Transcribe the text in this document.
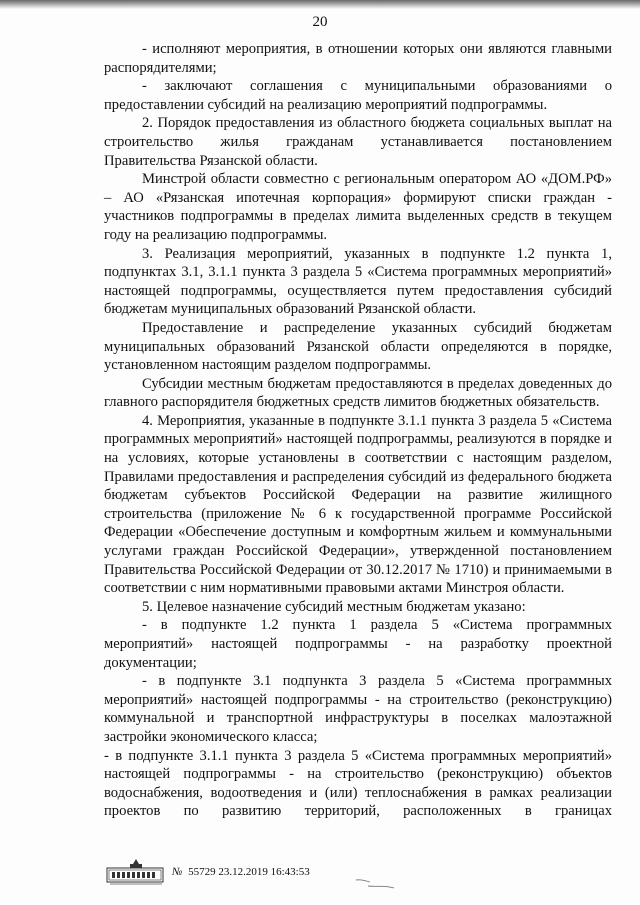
20

- исполняют мероприятия, в отношении которых они являются главными распорядителями;

- заключают соглашения с муниципальными образованиями о предоставлении субсидий на реализацию мероприятий подпрограммы.

2. Порядок предоставления из областного бюджета социальных выплат на строительство жилья гражданам устанавливается постановлением Правительства Рязанской области.

Минстрой области совместно с региональным оператором АО «ДОМ.РФ» – АО «Рязанская ипотечная корпорация» формируют списки граждан - участников подпрограммы в пределах лимита выделенных средств в текущем году на реализацию подпрограммы.

3. Реализация мероприятий, указанных в подпункте 1.2 пункта 1, подпунктах 3.1, 3.1.1 пункта 3 раздела 5 «Система программных мероприятий» настоящей подпрограммы, осуществляется путем предоставления субсидий бюджетам муниципальных образований Рязанской области.

Предоставление и распределение указанных субсидий бюджетам муниципальных образований Рязанской области определяются в порядке, установленном настоящим разделом подпрограммы.

Субсидии местным бюджетам предоставляются в пределах доведенных до главного распорядителя бюджетных средств лимитов бюджетных обязательств.

4. Мероприятия, указанные в подпункте 3.1.1 пункта 3 раздела 5 «Система программных мероприятий» настоящей подпрограммы, реализуются в порядке и на условиях, которые установлены в соответствии с настоящим разделом, Правилами предоставления и распределения субсидий из федерального бюджета бюджетам субъектов Российской Федерации на развитие жилищного строительства (приложение № 6 к государственной программе Российской Федерации «Обеспечение доступным и комфортным жильем и коммунальными услугами граждан Российской Федерации», утвержденной постановлением Правительства Российской Федерации от 30.12.2017 № 1710) и принимаемыми в соответствии с ним нормативными правовыми актами Минстроя области.

5. Целевое назначение субсидий местным бюджетам указано:

- в подпункте 1.2 пункта 1 раздела 5 «Система программных мероприятий» настоящей подпрограммы - на разработку проектной документации;

- в подпункте 3.1 подпункта 3 раздела 5 «Система программных мероприятий» настоящей подпрограммы - на строительство (реконструкцию) коммунальной и транспортной инфраструктуры в поселках малоэтажной застройки экономического класса;

- в подпункте 3.1.1 пункта 3 раздела 5 «Система программных мероприятий» настоящей подпрограммы - на строительство (реконструкцию) объектов водоснабжения, водоотведения и (или) теплоснабжения в рамках реализации проектов по развитию территорий, расположенных в границах

№ 55729 23.12.2019 16:43:53
